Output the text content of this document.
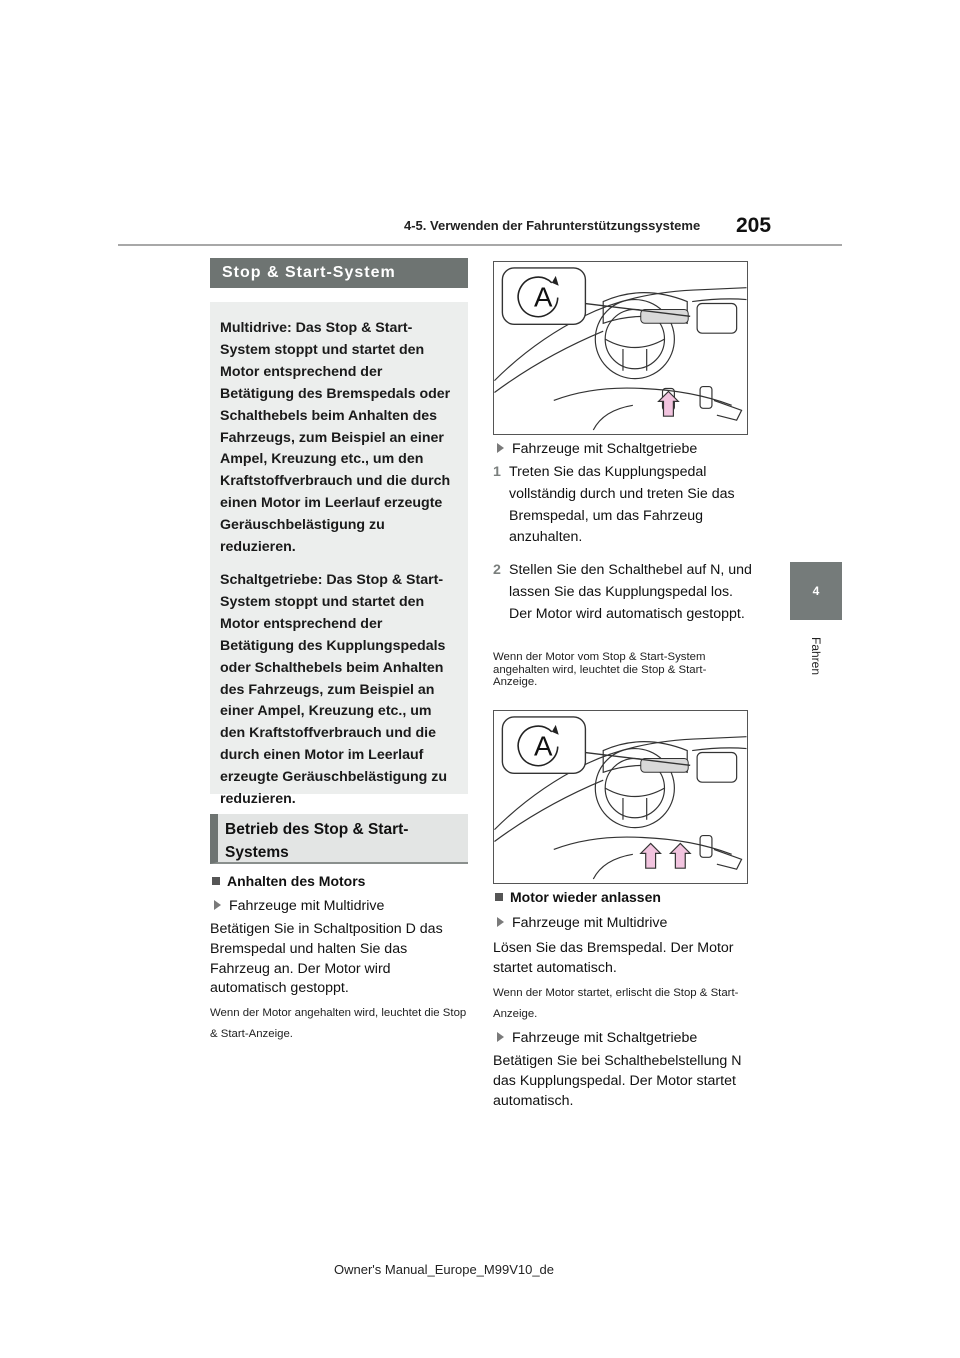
4-5. Verwenden der Fahrunterstützungssysteme 205
4
Fahren
Stop & Start-System

Multidrive: Das Stop & Start-System stoppt und startet den Motor entsprechend der Betätigung des Bremspedals oder Schalthebels beim Anhalten des Fahrzeugs, zum Beispiel an einer Ampel, Kreuzung etc., um den Kraftstoffverbrauch und die durch einen Motor im Leerlauf erzeugte Geräuschbelästigung zu reduzieren.

Schaltgetriebe: Das Stop & Start-System stoppt und startet den Motor entsprechend der Betätigung des Kupplungspedals oder Schalthebels beim Anhalten des Fahrzeugs, zum Beispiel an einer Ampel, Kreuzung etc., um den Kraftstoffverbrauch und die durch einen Motor im Leerlauf erzeugte Geräuschbelästigung zu reduzieren.

Betrieb des Stop & Start-Systems
Anhalten des Motors
Fahrzeuge mit Multidrive
Betätigen Sie in Schaltposition D das Bremspedal und halten Sie das Fahrzeug an. Der Motor wird automatisch gestoppt.
Wenn der Motor angehalten wird, leuchtet die Stop & Start-Anzeige.
A
Fahrzeuge mit Schaltgetriebe
1 Treten Sie das Kupplungspedal vollständig durch und treten Sie das Bremspedal, um das Fahrzeug anzuhalten.
2 Stellen Sie den Schalthebel auf N, und lassen Sie das Kupplungspedal los. Der Motor wird automatisch gestoppt.
Wenn der Motor vom Stop & Start-System angehalten wird, leuchtet die Stop & Start-Anzeige.
A
Motor wieder anlassen
Fahrzeuge mit Multidrive
Lösen Sie das Bremspedal. Der Motor startet automatisch.
Wenn der Motor startet, erlischt die Stop & Start-Anzeige.
Fahrzeuge mit Schaltgetriebe
Betätigen Sie bei Schalthebelstellung N das Kupplungspedal. Der Motor startet automatisch.
Owner's Manual_Europe_M99V10_de
